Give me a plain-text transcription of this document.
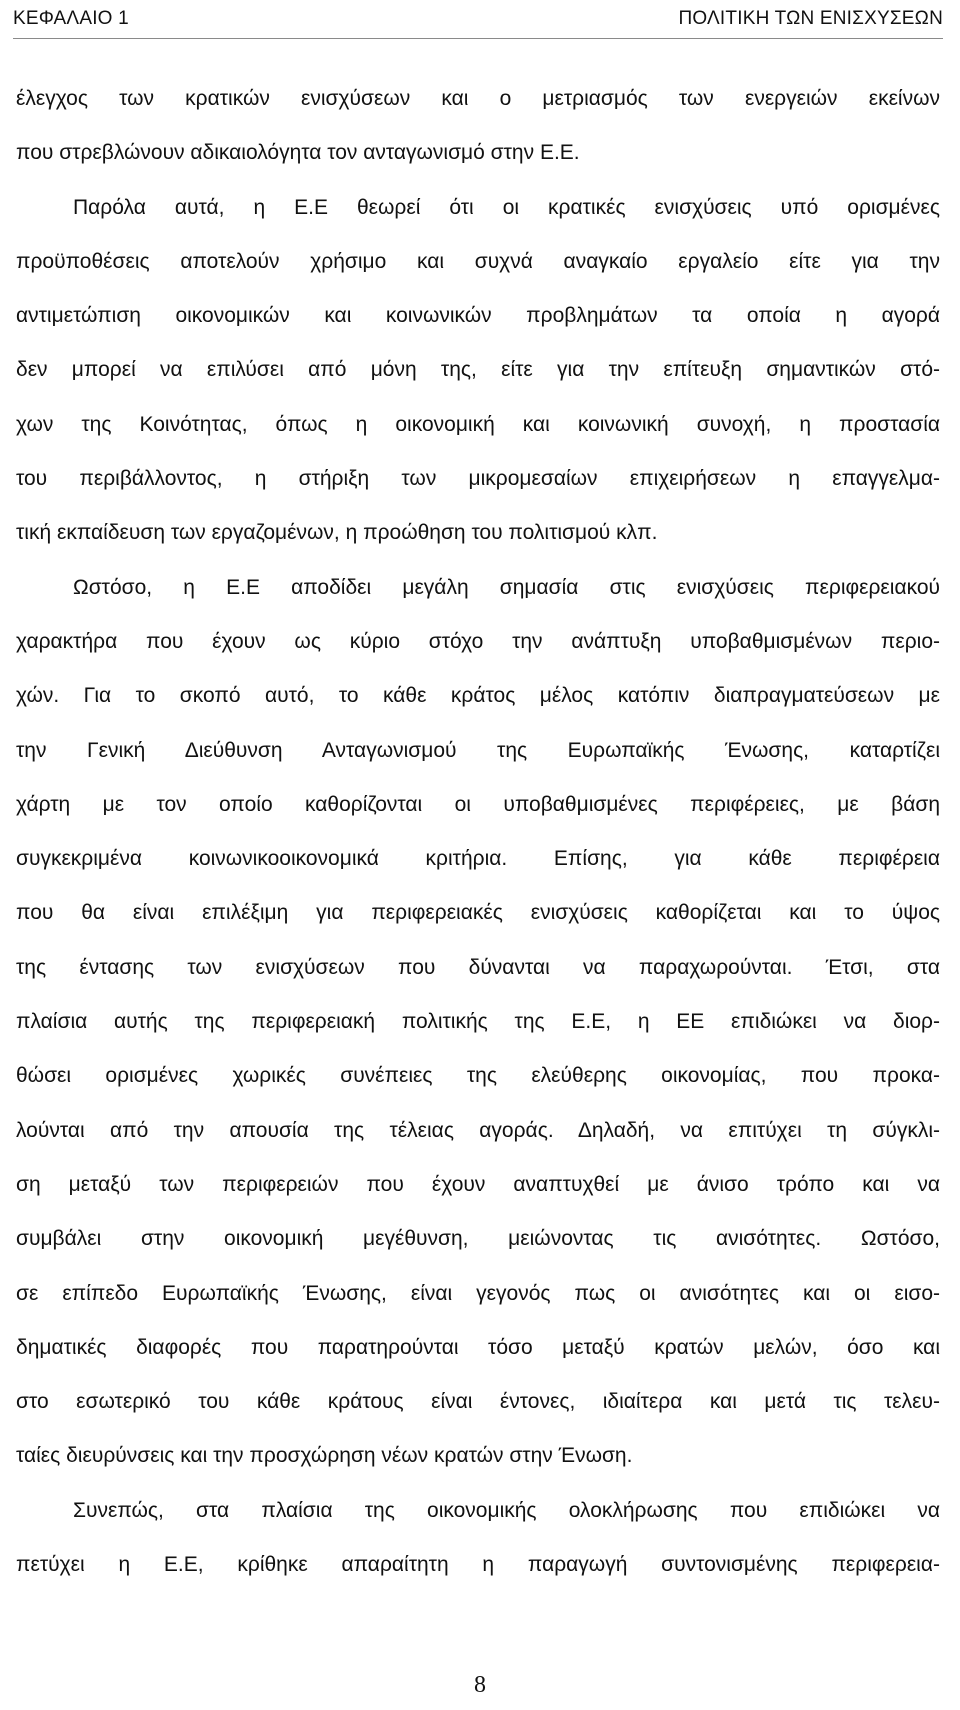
ΚΕΦΑΛΑΙΟ 1	ΠΟΛΙΤΙΚΗ ΤΩΝ ΕΝΙΣΧΥΣΕΩΝ
έλεγχος των κρατικών ενισχύσεων και ο μετριασμός των ενεργειών εκείνων
που στρεβλώνουν αδικαιολόγητα τον ανταγωνισμό στην Ε.Ε.
Παρόλα αυτά, η Ε.Ε θεωρεί ότι οι κρατικές ενισχύσεις υπό ορισμένες
προϋποθέσεις αποτελούν χρήσιμο και συχνά αναγκαίο εργαλείο είτε για την
αντιμετώπιση οικονομικών και κοινωνικών προβλημάτων τα οποία η αγορά
δεν μπορεί να επιλύσει από μόνη της, είτε για την επίτευξη σημαντικών στό-
χων της Κοινότητας, όπως η οικονομική και κοινωνική συνοχή, η προστασία
του περιβάλλοντος, η στήριξη των μικρομεσαίων επιχειρήσεων η επαγγελμα-
τική εκπαίδευση των εργαζομένων, η προώθηση του πολιτισμού κλπ.
Ωστόσο, η Ε.Ε αποδίδει μεγάλη σημασία στις ενισχύσεις περιφερειακού
χαρακτήρα που έχουν ως κύριο στόχο την ανάπτυξη υποβαθμισμένων περιο-
χών. Για το σκοπό αυτό, το κάθε κράτος μέλος κατόπιν διαπραγματεύσεων με
την Γενική Διεύθυνση Ανταγωνισμού της Ευρωπαϊκής Ένωσης, καταρτίζει
χάρτη με τον οποίο καθορίζονται οι υποβαθμισμένες περιφέρειες, με βάση
συγκεκριμένα κοινωνικοοικονομικά κριτήρια. Επίσης, για κάθε περιφέρεια
που θα είναι επιλέξιμη για περιφερειακές ενισχύσεις καθορίζεται και το ύψος
της έντασης των ενισχύσεων που δύνανται να παραχωρούνται. Έτσι, στα
πλαίσια αυτής της περιφερειακή πολιτικής της Ε.Ε, η ΕΕ επιδιώκει να διορ-
θώσει ορισμένες χωρικές συνέπειες της ελεύθερης οικονομίας, που προκα-
λούνται από την απουσία της τέλειας αγοράς. Δηλαδή, να επιτύχει τη σύγκλι-
ση μεταξύ των περιφερειών που έχουν αναπτυχθεί με άνισο τρόπο και να
συμβάλει στην οικονομική μεγέθυνση, μειώνοντας τις ανισότητες. Ωστόσο,
σε επίπεδο Ευρωπαϊκής Ένωσης, είναι γεγονός πως οι ανισότητες και οι εισο-
δηματικές διαφορές που παρατηρούνται τόσο μεταξύ κρατών μελών, όσο και
στο εσωτερικό του κάθε κράτους είναι έντονες, ιδιαίτερα και μετά τις τελευ-
ταίες διευρύνσεις και την προσχώρηση νέων κρατών στην Ένωση.
Συνεπώς, στα πλαίσια της οικονομικής ολοκλήρωσης που επιδιώκει να
πετύχει η Ε.Ε, κρίθηκε απαραίτητη η παραγωγή συντονισμένης περιφερεια-
8
